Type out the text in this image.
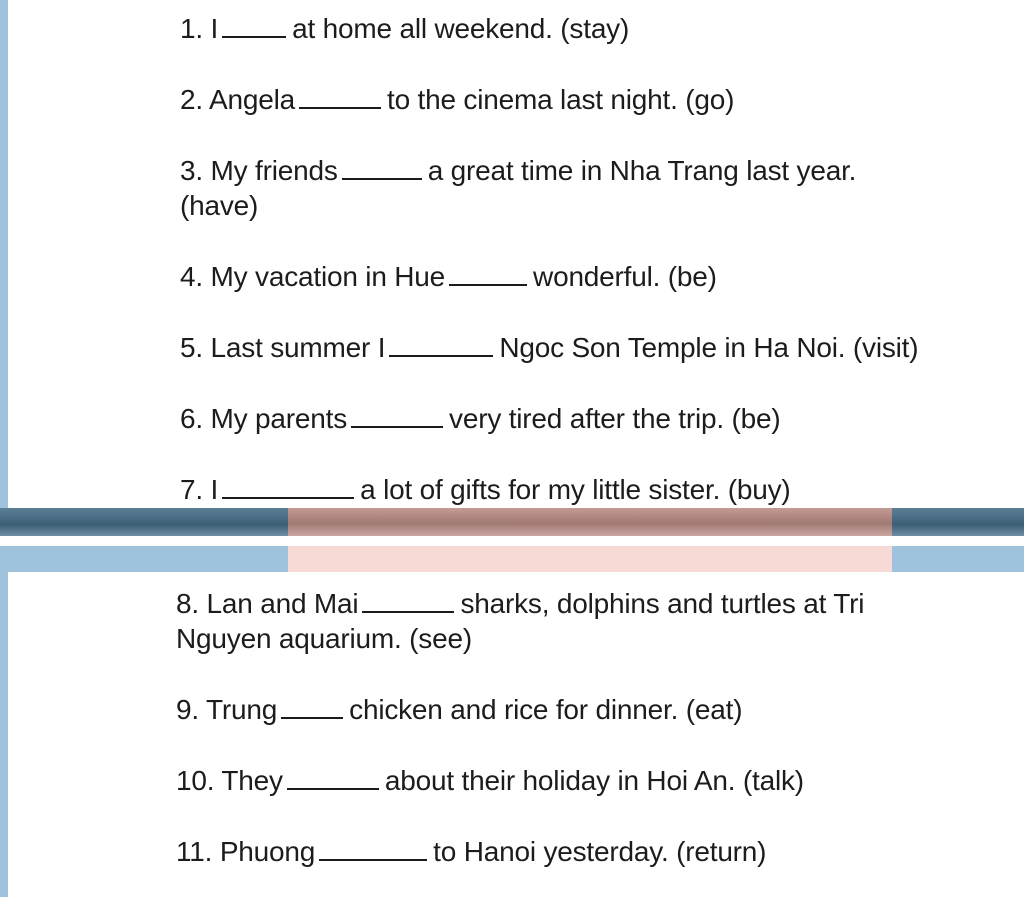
1. I	at home all weekend. (stay)
2. Angela	to the cinema last night. (go)
3. My friends	a great time in Nha Trang last year.
(have)
4. My vacation in Hue	wonderful. (be)
5. Last summer I	Ngoc Son Temple in Ha Noi. (visit)
6. My parents	very tired after the trip. (be)
7. I	a lot of gifts for my little sister. (buy)
8. Lan and Mai	sharks, dolphins and turtles at Tri
Nguyen aquarium. (see)
9. Trung	chicken and rice for dinner. (eat)
10. They	about their holiday in Hoi An. (talk)
11. Phuong	to Hanoi yesterday. (return)
